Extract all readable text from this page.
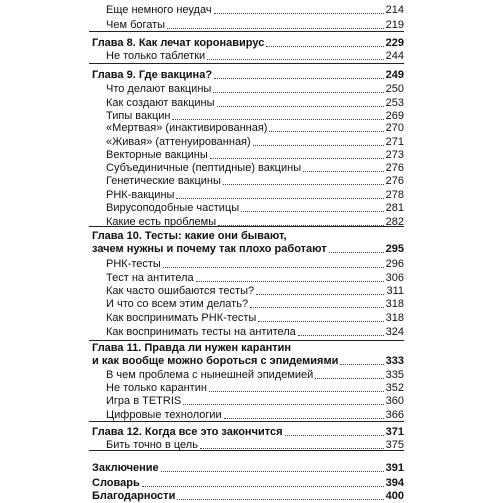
Еще немного неудач	214
Чем богаты	219
Глава 8. Как лечат коронавирус	229
Не только таблетки	244
Глава 9. Где вакцина?	249
Что делают вакцины	250
Как создают вакцины	253
Типы вакцин	269
«Мертвая» (инактивированная)	270
«Живая» (аттенуированная)	271
Векторные вакцины	273
Субъединичные (пептидные) вакцины	276
Генетические вакцины	276
РНК-вакцины	278
Вирусоподобные частицы	281
Какие есть проблемы	282
Глава 10. Тесты: какие они бывают,
зачем нужны и почему так плохо работают	295
РНК-тесты	296
Тест на антитела	306
Как часто ошибаются тесты?	311
И что со всем этим делать?	318
Как воспринимать РНК-тесты	318
Как воспринимать тесты на антитела	324
Глава 11. Правда ли нужен карантин
и как вообще можно бороться с эпидемиями	333
В чем проблема с нынешней эпидемией	335
Не только карантин	352
Игра в TETRIS	360
Цифровые технологии	366
Глава 12. Когда все это закончится	371
Бить точно в цель	375
Заключение	391
Словарь	394
Благодарности	400
